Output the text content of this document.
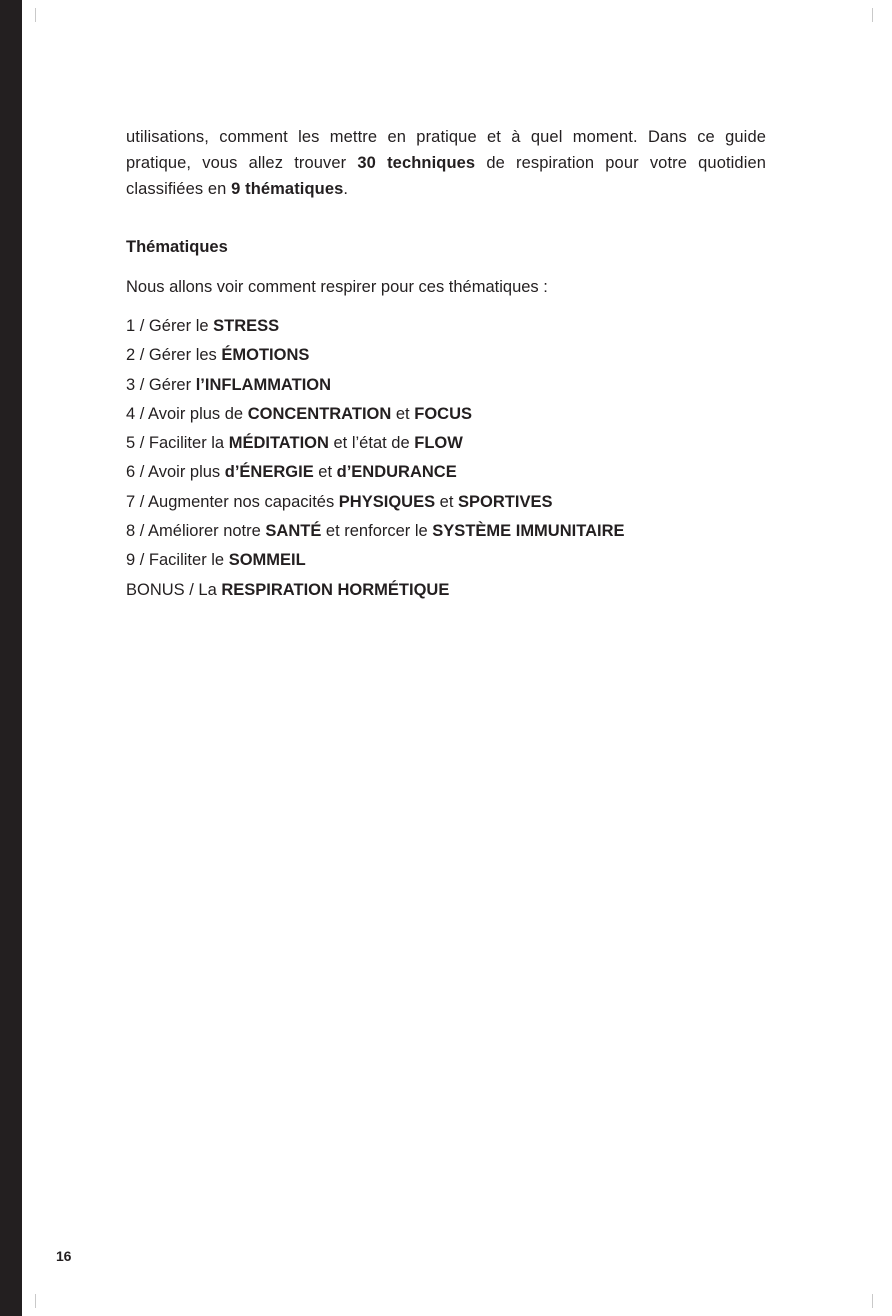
utilisations, comment les mettre en pratique et à quel moment. Dans ce guide pratique, vous allez trouver 30 techniques de respiration pour votre quotidien classifiées en 9 thématiques.

Thématiques

Nous allons voir comment respirer pour ces thématiques :

1 / Gérer le STRESS
2 / Gérer les ÉMOTIONS
3 / Gérer l’INFLAMMATION
4 / Avoir plus de CONCENTRATION et FOCUS
5 / Faciliter la MÉDITATION et l’état de FLOW
6 / Avoir plus d’ÉNERGIE et d’ENDURANCE
7 / Augmenter nos capacités PHYSIQUES et SPORTIVES
8 / Améliorer notre SANTÉ et renforcer le SYSTÈME IMMUNITAIRE
9 / Faciliter le SOMMEIL
BONUS / La RESPIRATION HORMÉTIQUE
16
